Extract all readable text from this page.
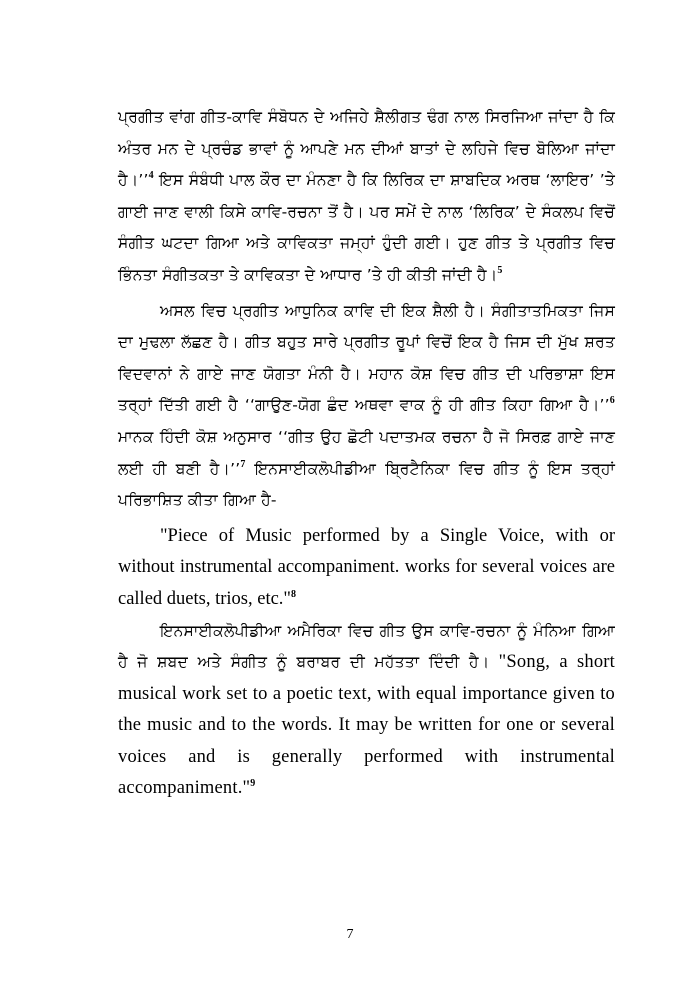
ਪ੍ਰਗੀਤ ਵਾਂਗ ਗੀਤ-ਕਾਵਿ ਸੰਬੋਧਨ ਦੇ ਅਜਿਹੇ ਸ਼ੈਲੀਗਤ ਢੰਗ ਨਾਲ ਸਿਰਜਿਆ ਜਾਂਦਾ ਹੈ ਕਿ ਅੰਤਰ ਮਨ ਦੇ ਪ੍ਰਚੰਡ ਭਾਵਾਂ ਨੂੰ ਆਪਣੇ ਮਨ ਦੀਆਂ ਬਾਤਾਂ ਦੇ ਲਹਿਜੇ ਵਿਚ ਬੋਲਿਆ ਜਾਂਦਾ ਹੈ।’’$^4$ ਇਸ ਸੰਬੰਧੀ ਪਾਲ ਕੌਰ ਦਾ ਮੰਨਣਾ ਹੈ ਕਿ ਲਿਰਿਕ ਦਾ ਸ਼ਾਬਦਿਕ ਅਰਥ ‘ਲਾਇਰ’ ’ਤੇ ਗਾਈ ਜਾਣ ਵਾਲੀ ਕਿਸੇ ਕਾਵਿ-ਰਚਨਾ ਤੋਂ ਹੈ। ਪਰ ਸਮੇਂ ਦੇ ਨਾਲ ‘ਲਿਰਿਕ’ ਦੇ ਸੰਕਲਪ ਵਿਚੋਂ ਸੰਗੀਤ ਘਟਦਾ ਗਿਆ ਅਤੇ ਕਾਵਿਕਤਾ ਜਮ੍ਹਾਂ ਹੁੰਦੀ ਗਈ। ਹੁਣ ਗੀਤ ਤੇ ਪ੍ਰਗੀਤ ਵਿਚ ਭਿੰਨਤਾ ਸੰਗੀਤਕਤਾ ਤੇ ਕਾਵਿਕਤਾ ਦੇ ਆਧਾਰ ’ਤੇ ਹੀ ਕੀਤੀ ਜਾਂਦੀ ਹੈ।$^5$

ਅਸਲ ਵਿਚ ਪ੍ਰਗੀਤ ਆਧੁਨਿਕ ਕਾਵਿ ਦੀ ਇਕ ਸ਼ੈਲੀ ਹੈ। ਸੰਗੀਤਾਤਮਿਕਤਾ ਜਿਸ ਦਾ ਮੁਢਲਾ ਲੱਛਣ ਹੈ। ਗੀਤ ਬਹੁਤ ਸਾਰੇ ਪ੍ਰਗੀਤ ਰੂਪਾਂ ਵਿਚੋਂ ਇਕ ਹੈ ਜਿਸ ਦੀ ਮੁੱਖ ਸ਼ਰਤ ਵਿਦਵਾਨਾਂ ਨੇ ਗਾਏ ਜਾਣ ਯੋਗਤਾ ਮੰਨੀ ਹੈ। ਮਹਾਨ ਕੋਸ਼ ਵਿਚ ਗੀਤ ਦੀ ਪਰਿਭਾਸ਼ਾ ਇਸ ਤਰ੍ਹਾਂ ਦਿੱਤੀ ਗਈ ਹੈ ‘‘ਗਾਉਣ-ਯੋਗ ਛੰਦ ਅਥਵਾ ਵਾਕ ਨੂੰ ਹੀ ਗੀਤ ਕਿਹਾ ਗਿਆ ਹੈ।’’$^6$ ਮਾਨਕ ਹਿੰਦੀ ਕੋਸ਼ ਅਨੁਸਾਰ ‘‘ਗੀਤ ਉਹ ਛੋਟੀ ਪਦਾਤਮਕ ਰਚਨਾ ਹੈ ਜੋ ਸਿਰਫ਼ ਗਾਏ ਜਾਣ ਲਈ ਹੀ ਬਣੀ ਹੈ।’’$^7$ ਇਨਸਾਈਕਲੋਪੀਡੀਆ ਬ੍ਰਿਟੈਨਿਕਾ ਵਿਚ ਗੀਤ ਨੂੰ ਇਸ ਤਰ੍ਹਾਂ ਪਰਿਭਾਸ਼ਿਤ ਕੀਤਾ ਗਿਆ ਹੈ-

"Piece of Music performed by a Single Voice, with or without instrumental accompaniment. works for several voices are called duets, trios, etc."$^8$

ਇਨਸਾਈਕਲੋਪੀਡੀਆ ਅਮੈਰਿਕਾ ਵਿਚ ਗੀਤ ਉਸ ਕਾਵਿ-ਰਚਨਾ ਨੂੰ ਮੰਨਿਆ ਗਿਆ ਹੈ ਜੋ ਸ਼ਬਦ ਅਤੇ ਸੰਗੀਤ ਨੂੰ ਬਰਾਬਰ ਦੀ ਮਹੱਤਤਾ ਦਿੰਦੀ ਹੈ। "Song, a short musical work set to a poetic text, with equal importance given to the music and to the words. It may be written for one or several voices and is generally performed with instrumental accompaniment."$^9$

7
